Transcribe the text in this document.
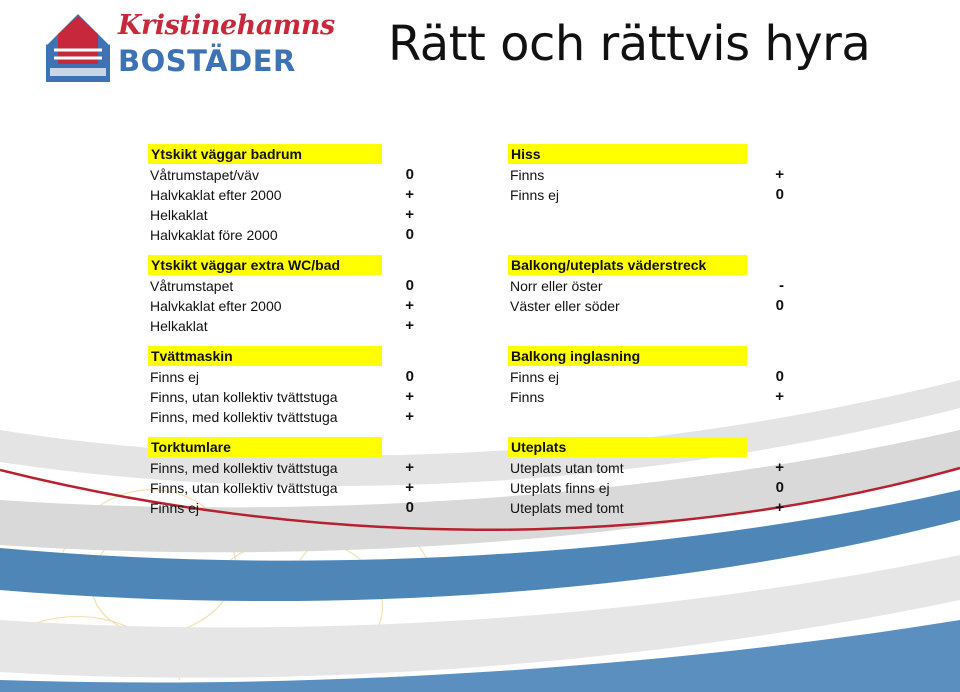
Kristinehamns
BOSTÄDER Rätt och rättvis hyra
Ytskikt väggar badrum
Våtrumstapet/väv	0
Halvkaklat efter 2000	+
Helkaklat	+
Halvkaklat före 2000	0
Ytskikt väggar extra WC/bad
Våtrumstapet	0
Halvkaklat efter 2000	+
Helkaklat	+
Tvättmaskin
Finns ej	0
Finns, utan kollektiv tvättstuga	+
Finns, med kollektiv tvättstuga	+
Torktumlare
Finns, med kollektiv tvättstuga	+
Finns, utan kollektiv tvättstuga	+
Finns ej	0
Hiss
Finns	+
Finns ej	0
Balkong/uteplats väderstreck
Norr eller öster	-
Väster eller söder	0
Balkong inglasning
Finns ej	0
Finns	+
Uteplats
Uteplats utan tomt	+
Uteplats finns ej	0
Uteplats med tomt	+
